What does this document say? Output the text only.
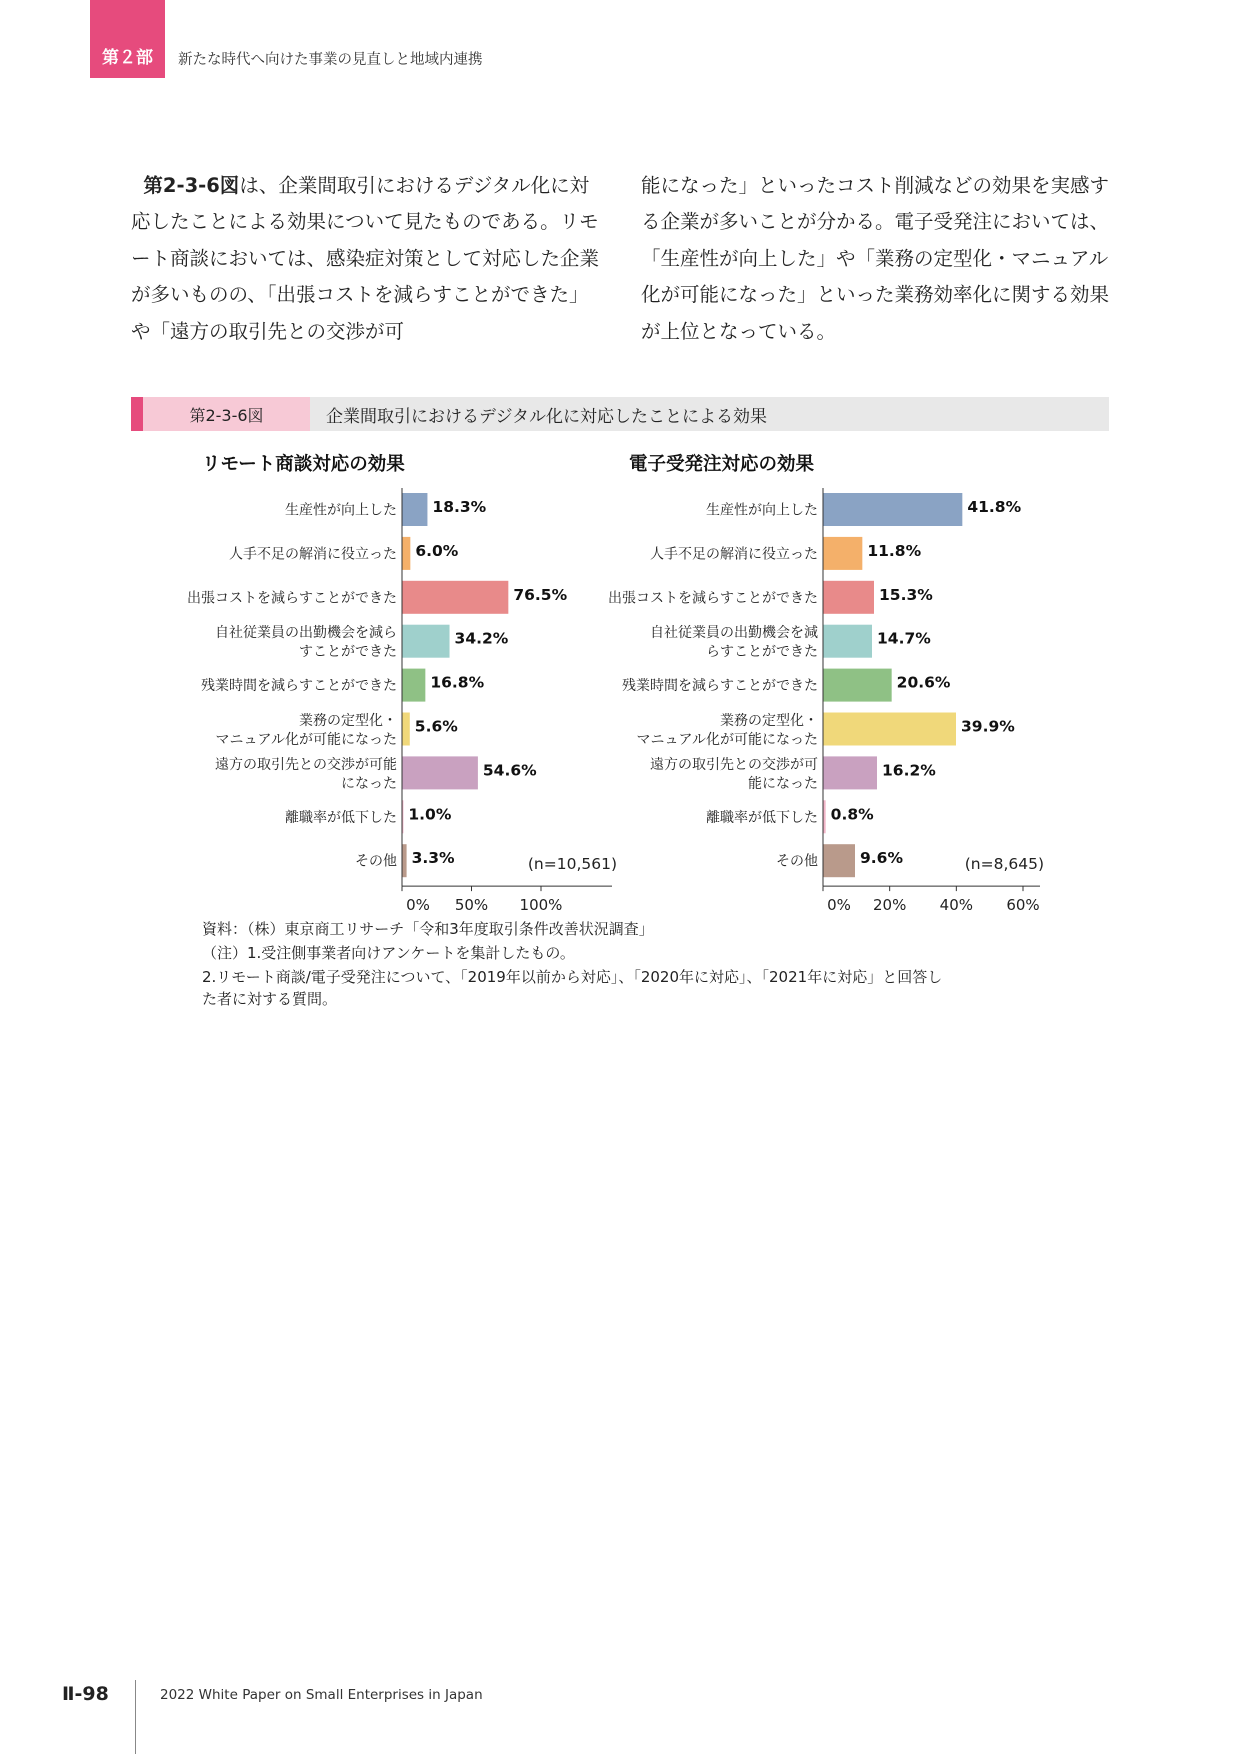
第２部	新たな時代へ向けた事業の見直しと地域内連携

第2-3-6図は、企業間取引におけるデジタル化に対応したことによる効果について見たものである。リモート商談においては、感染症対策として対応した企業が多いものの、「出張コストを減らすことができた」や「遠方の取引先との交渉が可

能になった」といったコスト削減などの効果を実感する企業が多いことが分かる。電子受発注においては、「生産性が向上した」や「業務の定型化・マニュアル化が可能になった」といった業務効率化に関する効果が上位となっている。

第2-3-6図	企業間取引におけるデジタル化に対応したことによる効果
リモート商談対応の効果
18.3%
生産性が向上した
6.0%
人手不足の解消に役立った
76.5%
出張コストを減らすことができた
34.2%
自社従業員の出勤機会を減ら
すことができた
16.8%
残業時間を減らすことができた
5.6%
業務の定型化・
マニュアル化が可能になった
54.6%
遠方の取引先との交渉が可能
になった
1.0%
離職率が低下した
3.3%
その他
0% 50% 100%
(n=10,561)
電子受発注対応の効果
41.8%
生産性が向上した
11.8%
人手不足の解消に役立った
15.3%
出張コストを減らすことができた
14.7%
自社従業員の出勤機会を減
らすことができた
20.6%
残業時間を減らすことができた
39.9%
業務の定型化・
マニュアル化が可能になった
16.2%
遠方の取引先との交渉が可
能になった
0.8%
離職率が低下した
9.6%
その他
0% 20% 40% 60%
(n=8,645)
資料：（株）東京商工リサーチ「令和3年度取引条件改善状況調査」
（注）1.受注側事業者向けアンケートを集計したもの。
2.リモート商談/電子受発注について、「2019年以前から対応」、「2020年に対応」、「2021年に対応」と回答し
た者に対する質問。
Ⅱ-98	2022 White Paper on Small Enterprises in Japan
